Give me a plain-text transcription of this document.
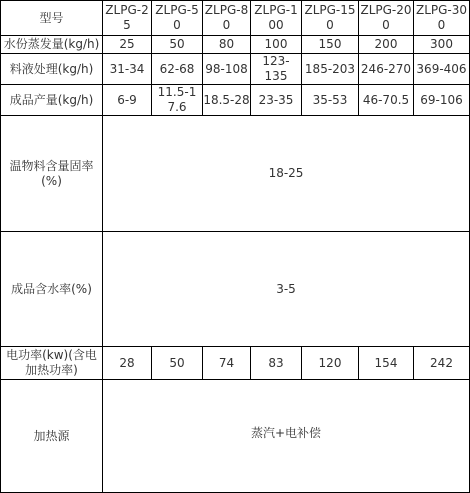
型号	ZLPG-25	ZLPG-50	ZLPG-80	ZLPG-100	ZLPG-150	ZLPG-200	ZLPG-300
水份蒸发量(kg/h)	25	50	80	100	150	200	300
料液处理(kg/h)	31-34	62-68	98-108	123-135	185-203	246-270	369-406
成品产量(kg/h)	6-9	11.5-17.6	18.5-28	23-35	35-53	46-70.5	69-106
温物料含量固率(%)	18-25						
成品含水率(%)	3-5						
电功率(kw)(含电加热功率)	28	50	74	83	120	154	242
加热源	蒸汽+电补偿						
